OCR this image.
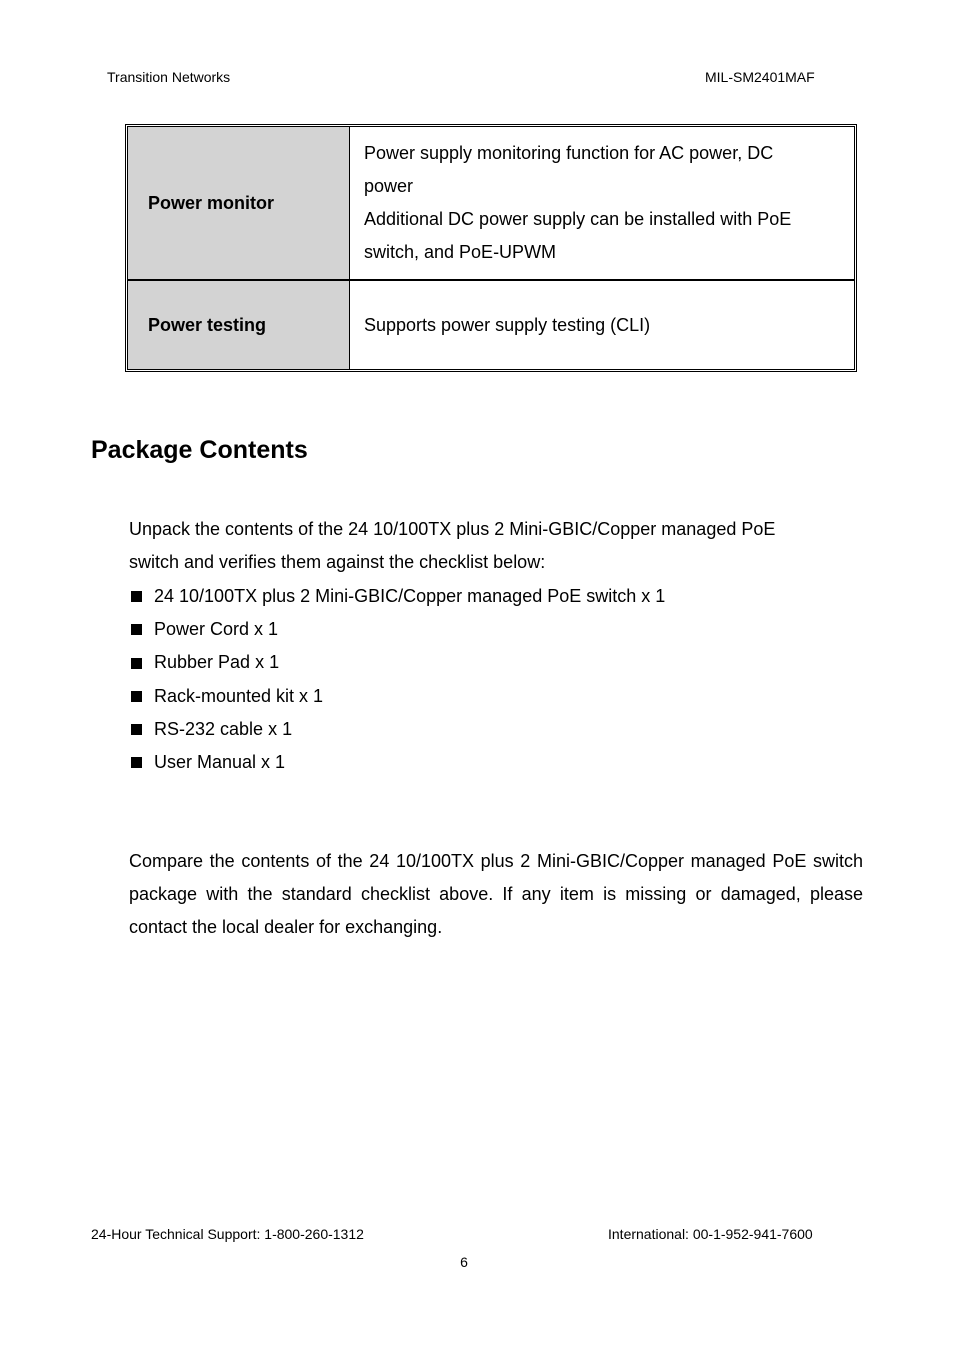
Transition Networks	MIL-SM2401MAF
Power monitor	Power supply monitoring function for AC power, DC
power
Additional DC power supply can be installed with PoE
switch, and PoE-UPWM

Power testing	Supports power supply testing (CLI)
Package Contents

Unpack the contents of the 24 10/100TX plus 2 Mini-GBIC/Copper managed PoE
switch and verifies them against the checklist below:

24 10/100TX plus 2 Mini-GBIC/Copper managed PoE switch x 1
Power Cord x 1
Rubber Pad x 1
Rack-mounted kit x 1
RS-232 cable x 1
User Manual x 1

Compare the contents of the 24 10/100TX plus 2 Mini-GBIC/Copper managed PoE switch package with the standard checklist above. If any item is missing or damaged, please contact the local dealer for exchanging.

24-Hour Technical Support: 1-800-260-1312	International: 00-1-952-941-7600
6
